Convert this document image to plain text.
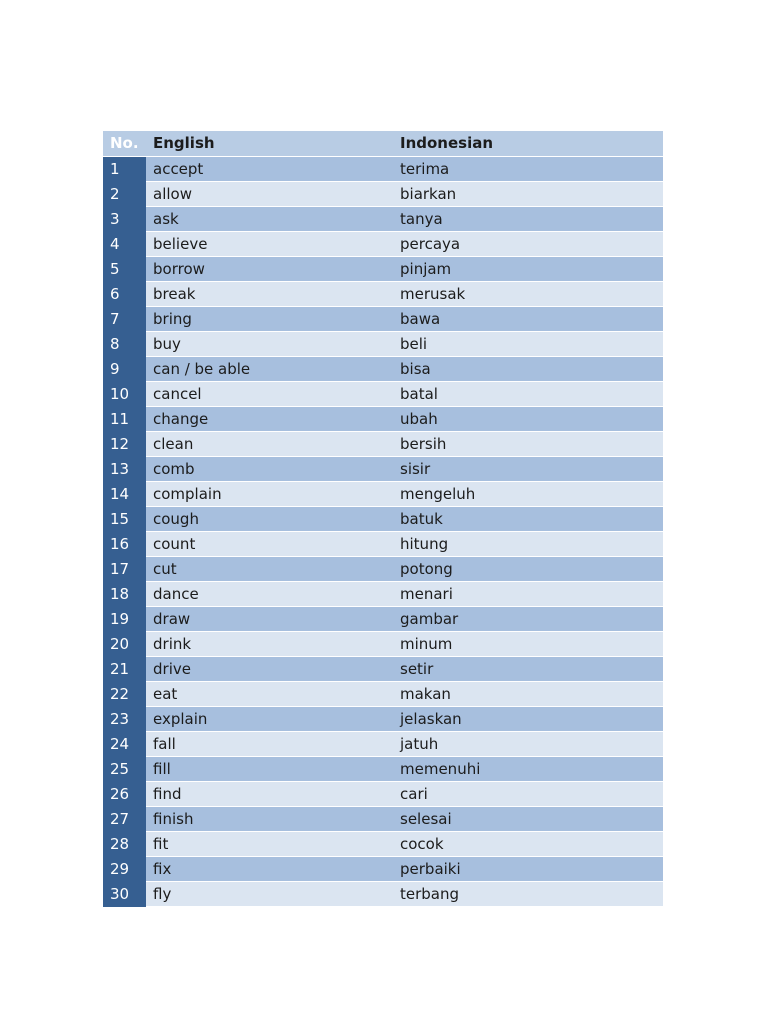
No.	English	Indonesian
1	accept	terima
2	allow	biarkan
3	ask	tanya
4	believe	percaya
5	borrow	pinjam
6	break	merusak
7	bring	bawa
8	buy	beli
9	can / be able	bisa
10	cancel	batal
11	change	ubah
12	clean	bersih
13	comb	sisir
14	complain	mengeluh
15	cough	batuk
16	count	hitung
17	cut	potong
18	dance	menari
19	draw	gambar
20	drink	minum
21	drive	setir
22	eat	makan
23	explain	jelaskan
24	fall	jatuh
25	fill	memenuhi
26	find	cari
27	finish	selesai
28	fit	cocok
29	fix	perbaiki
30	fly	terbang
